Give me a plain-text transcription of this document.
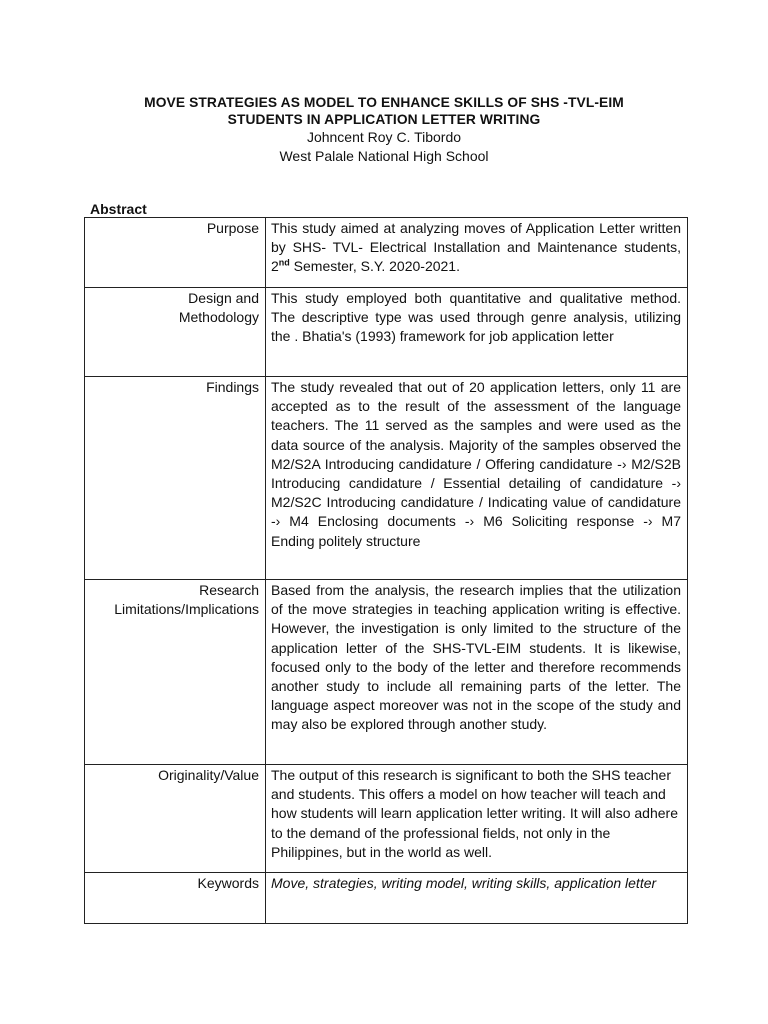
MOVE STRATEGIES AS MODEL TO ENHANCE SKILLS OF SHS -TVL-EIM
STUDENTS IN APPLICATION LETTER WRITING
Johncent Roy C. Tibordo
West Palale National High School
Abstract
Purpose	This study aimed at analyzing moves of Application Letter written by SHS- TVL- Electrical Installation and Maintenance students, 2nd Semester, S.Y. 2020-2021.
Design and
Methodology	This study employed both quantitative and qualitative method. The descriptive type was used through genre analysis, utilizing the . Bhatia's (1993) framework for job application letter
Findings	The study revealed that out of 20 application letters, only 11 are accepted as to the result of the assessment of the language teachers. The 11 served as the samples and were used as the data source of the analysis. Majority of the samples observed the M2/S2A Introducing candidature / Offering candidature -› M2/S2B Introducing candidature / Essential detailing of candidature -› M2/S2C Introducing candidature / Indicating value of candidature -› M4 Enclosing documents -› M6 Soliciting response -› M7 Ending politely structure
Research
Limitations/Implications	Based from the analysis, the research implies that the utilization of the move strategies in teaching application writing is effective. However, the investigation is only limited to the structure of the application letter of the SHS-TVL-EIM students. It is likewise, focused only to the body of the letter and therefore recommends another study to include all remaining parts of the letter. The language aspect moreover was not in the scope of the study and may also be explored through another study.
Originality/Value	The output of this research is significant to both the SHS teacher and students. This offers a model on how teacher will teach and how students will learn application letter writing. It will also adhere to the demand of the professional fields, not only in the Philippines, but in the world as well.
Keywords	Move, strategies, writing model, writing skills, application letter
